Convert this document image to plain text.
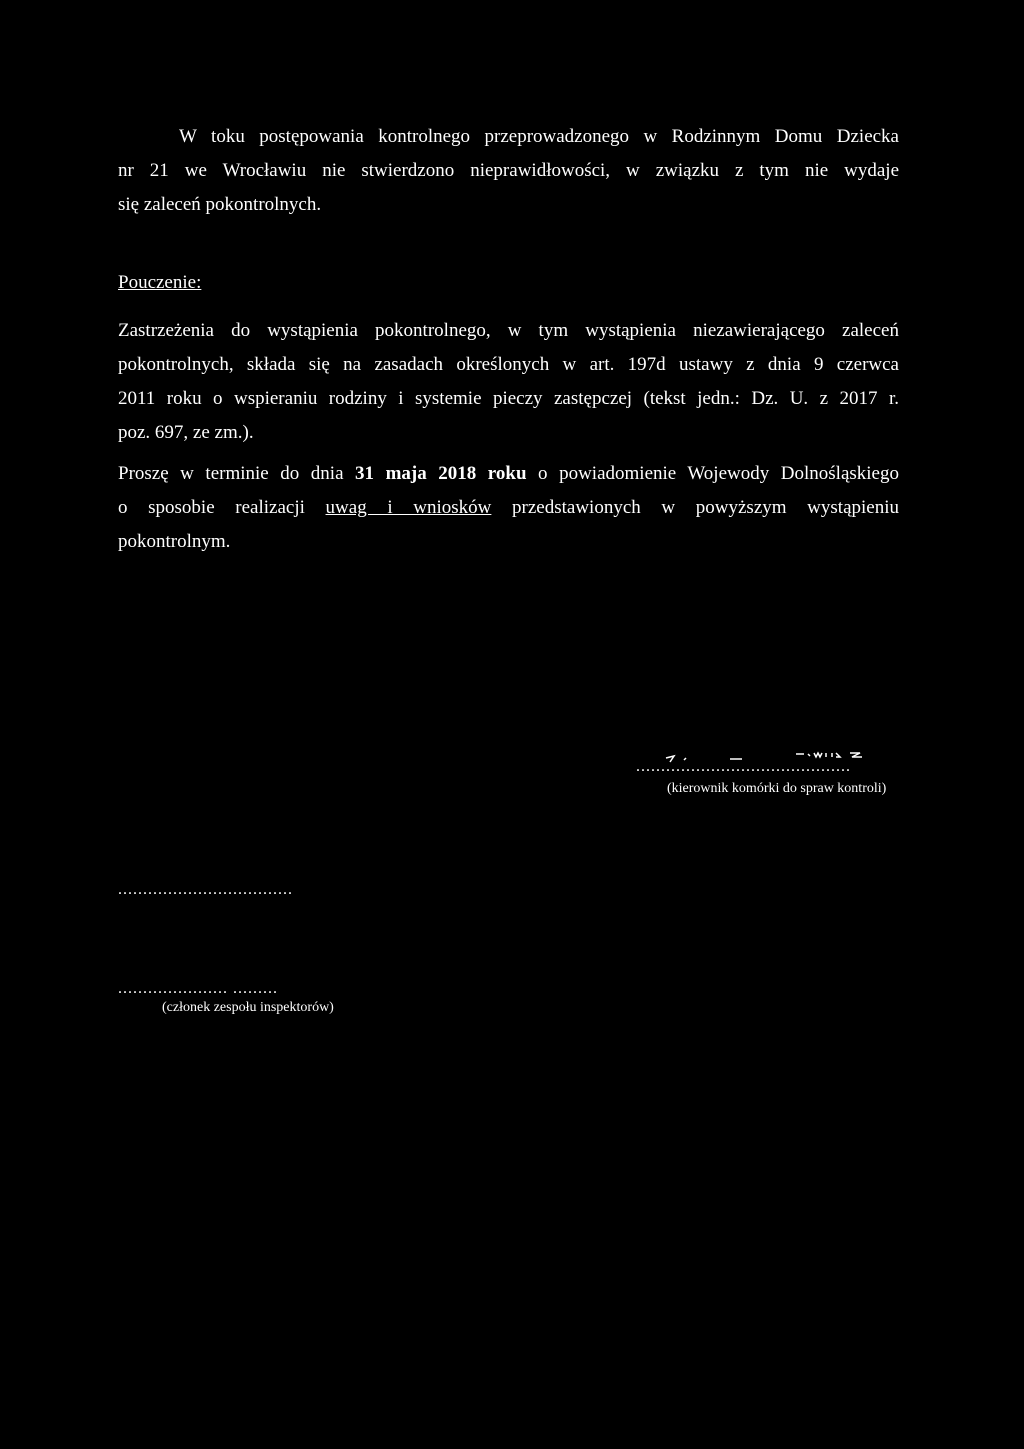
W toku postępowania kontrolnego przeprowadzonego w Rodzinnym Domu Dziecka
nr 21 we Wrocławiu nie stwierdzono nieprawidłowości, w związku z tym nie wydaje
się zaleceń pokontrolnych.

Pouczenie:

Zastrzeżenia do wystąpienia pokontrolnego, w tym wystąpienia niezawierającego zaleceń
pokontrolnych, składa się na zasadach określonych w art. 197d ustawy z dnia 9 czerwca
2011 roku o wspieraniu rodziny i systemie pieczy zastępczej (tekst jedn.: Dz. U. z 2017 r.
poz. 697, ze zm.).

Proszę w terminie do dnia 31 maja 2018 roku o powiadomienie Wojewody Dolnośląskiego
o sposobie realizacji uwag i wniosków przedstawionych w powyższym wystąpieniu
pokontrolnym.

...........................................
(kierownik komórki do spraw kontroli)
...................................
...................... .........
(członek zespołu inspektorów)
